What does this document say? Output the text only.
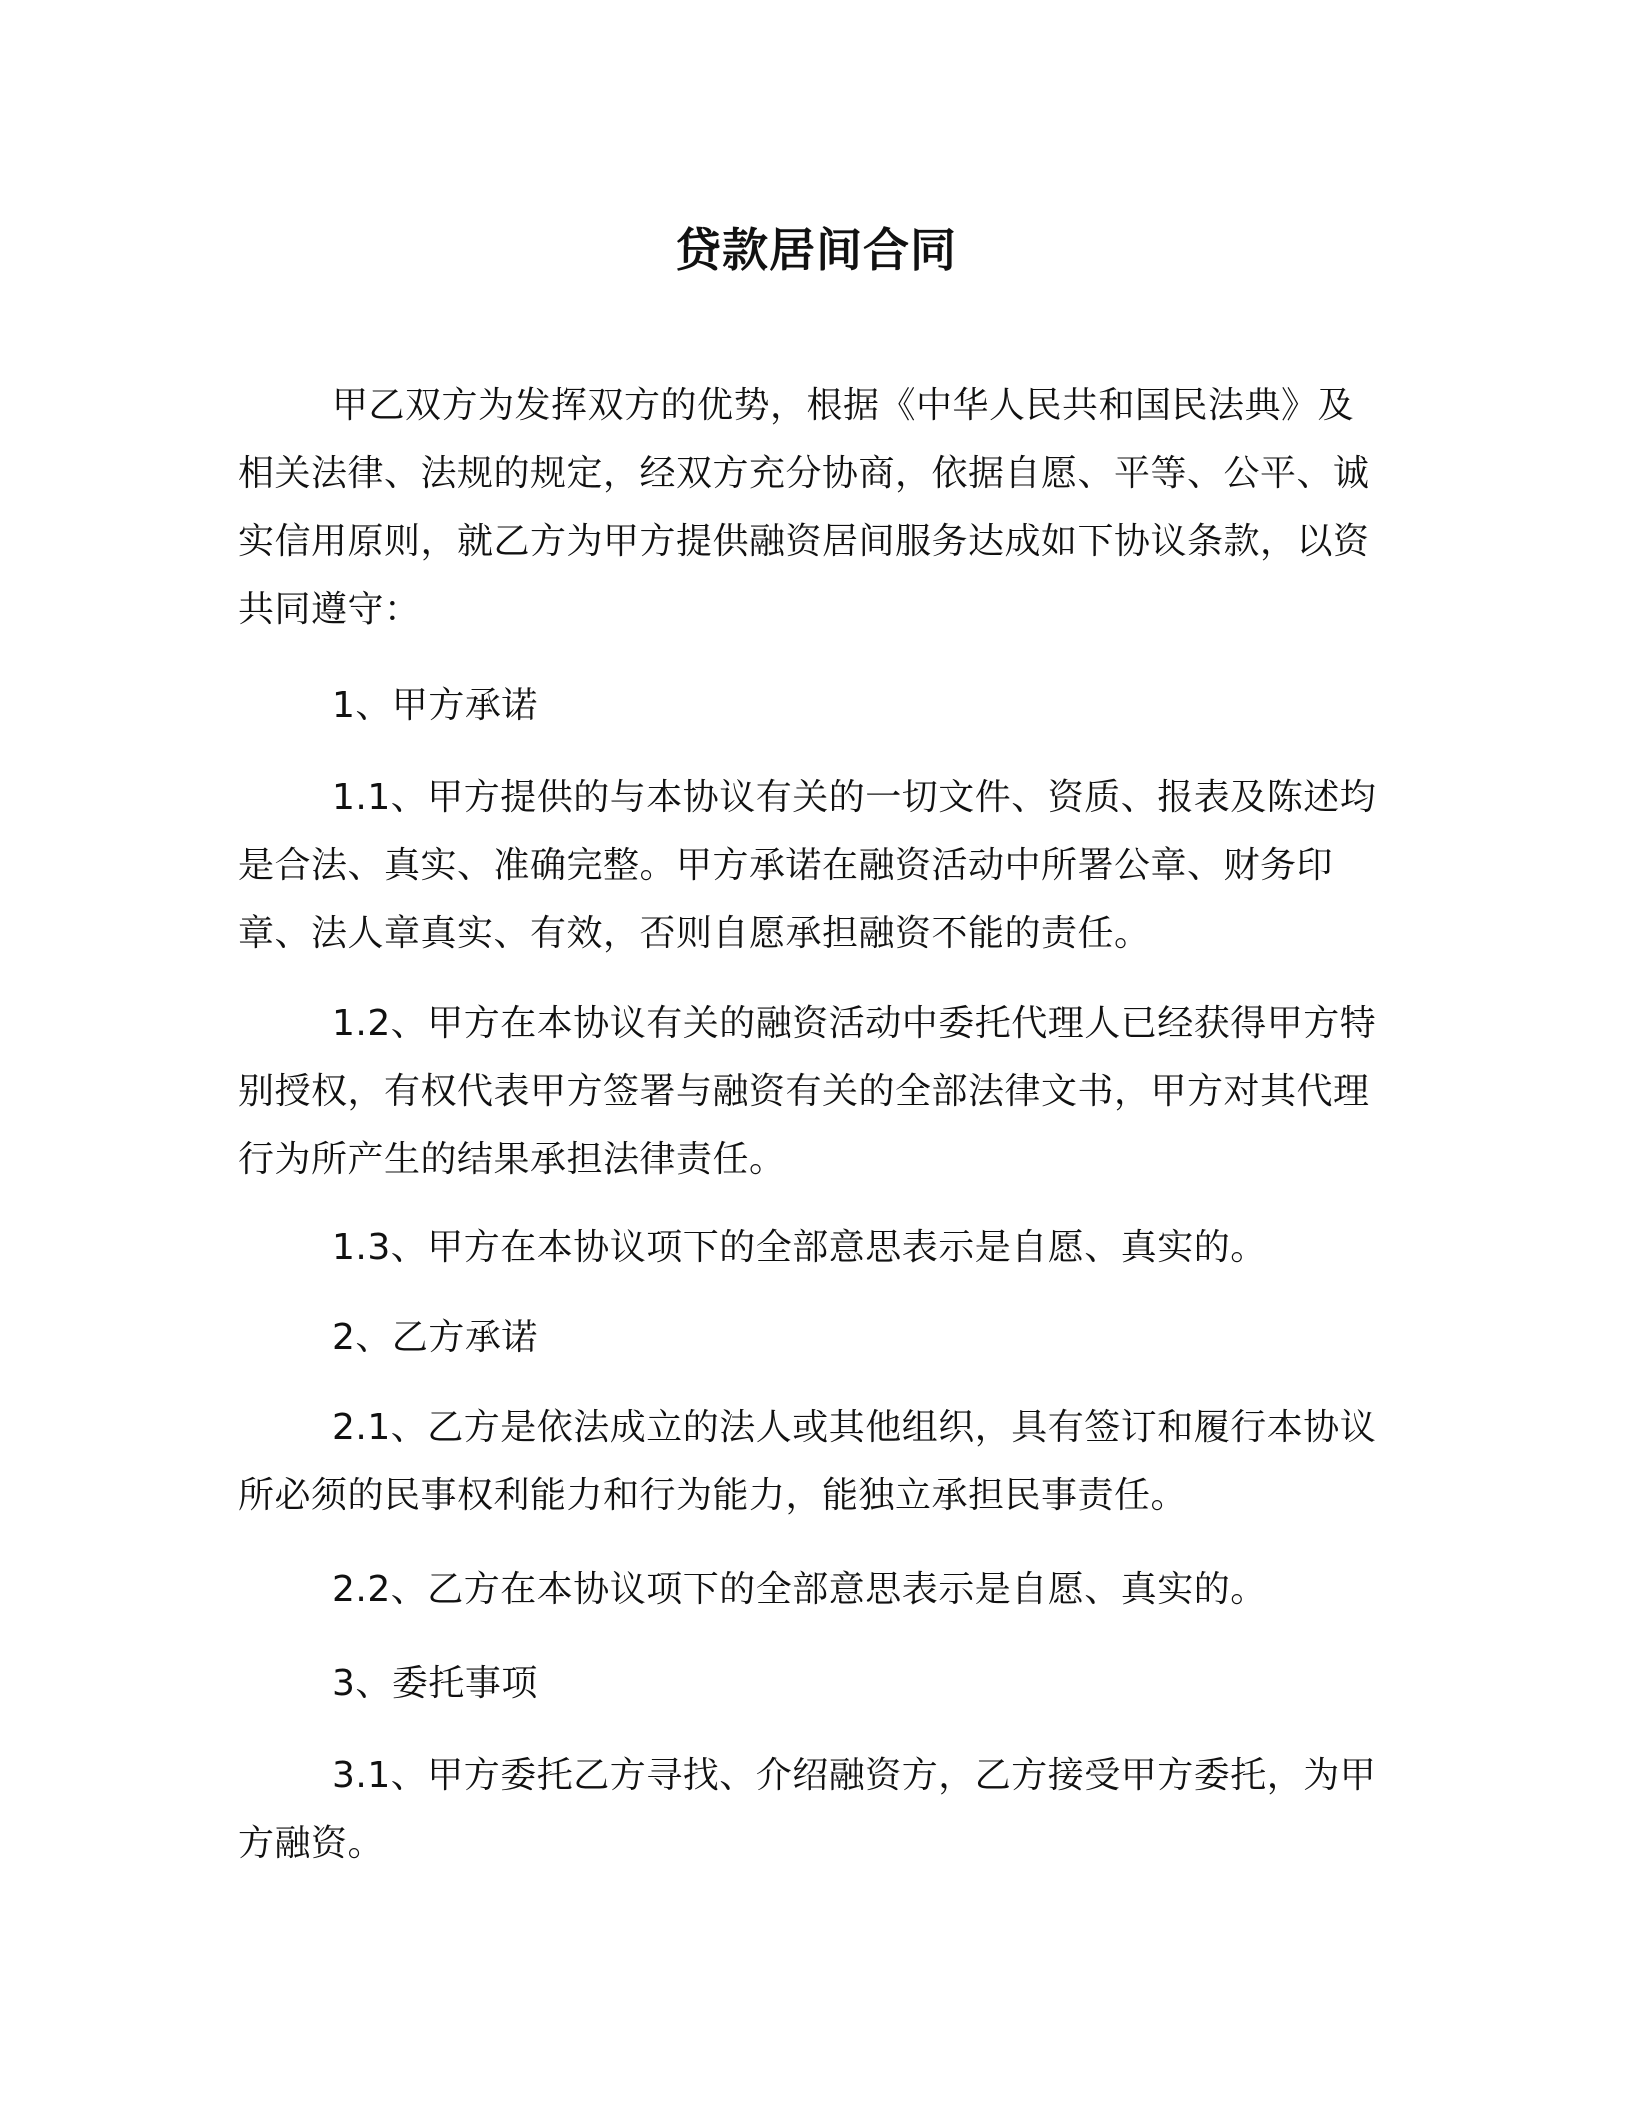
贷款居间合同

甲乙双方为发挥双方的优势，根据《中华人民共和国民法典》及相关法律、法规的规定，经双方充分协商，依据自愿、平等、公平、诚实信用原则，就乙方为甲方提供融资居间服务达成如下协议条款，以资共同遵守：

1、甲方承诺

1.1、甲方提供的与本协议有关的一切文件、资质、报表及陈述均是合法、真实、准确完整。甲方承诺在融资活动中所署公章、财务印章、法人章真实、有效，否则自愿承担融资不能的责任。

1.2、甲方在本协议有关的融资活动中委托代理人已经获得甲方特别授权，有权代表甲方签署与融资有关的全部法律文书，甲方对其代理行为所产生的结果承担法律责任。

1.3、甲方在本协议项下的全部意思表示是自愿、真实的。

2、乙方承诺

2.1、乙方是依法成立的法人或其他组织，具有签订和履行本协议所必须的民事权利能力和行为能力，能独立承担民事责任。

2.2、乙方在本协议项下的全部意思表示是自愿、真实的。

3、委托事项

3.1、甲方委托乙方寻找、介绍融资方，乙方接受甲方委托，为甲方融资。
